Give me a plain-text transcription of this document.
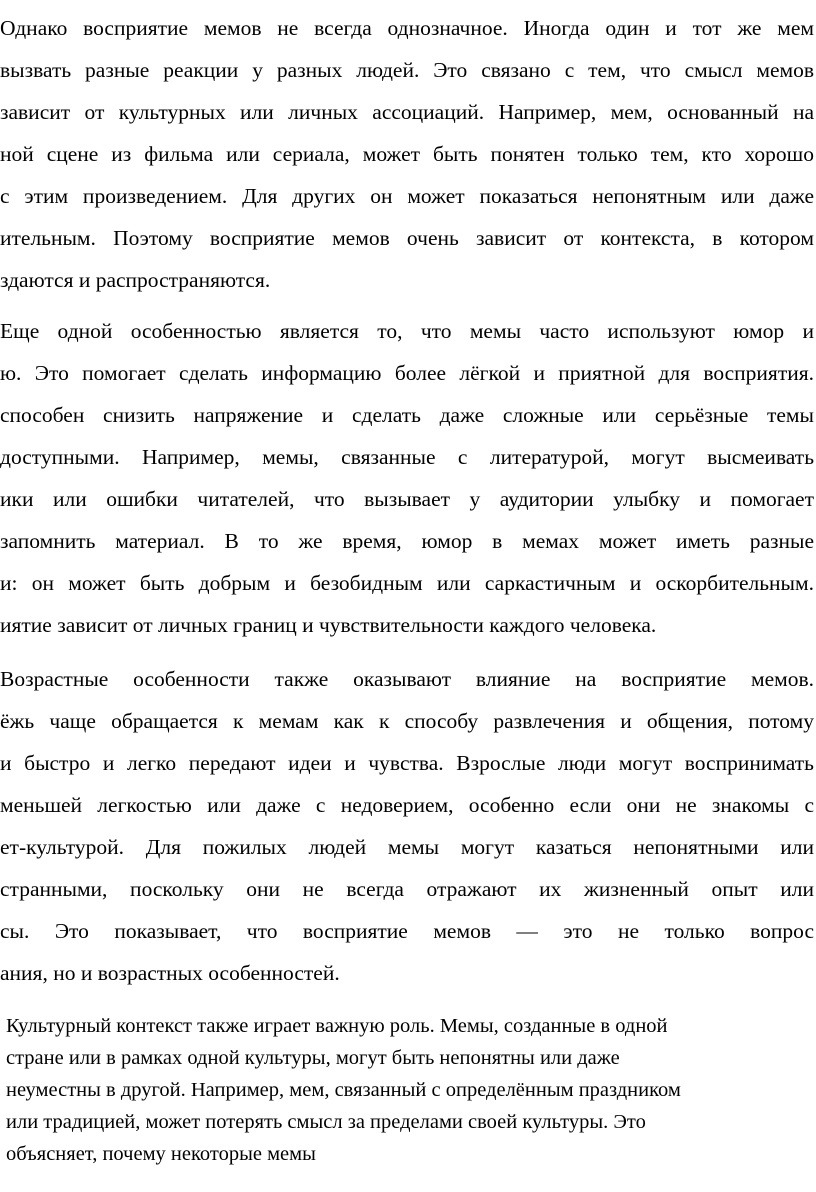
Однако восприятие мемов не всегда однозначное. Иногда один и тот же мем
вызвать разные реакции у разных людей. Это связано с тем, что смысл мемов
зависит от культурных или личных ассоциаций. Например, мем, основанный на
ной сцене из фильма или сериала, может быть понятен только тем, кто хорошо
с этим произведением. Для других он может показаться непонятным или даже
ительным. Поэтому восприятие мемов очень зависит от контекста, в котором
здаются и распространяются.
Еще одной особенностью является то, что мемы часто используют юмор и
ю. Это помогает сделать информацию более лёгкой и приятной для восприятия.
способен снизить напряжение и сделать даже сложные или серьёзные темы
доступными. Например, мемы, связанные с литературой, могут высмеивать
ики или ошибки читателей, что вызывает у аудитории улыбку и помогает
запомнить материал. В то же время, юмор в мемах может иметь разные
и: он может быть добрым и безобидным или саркастичным и оскорбительным.
иятие зависит от личных границ и чувствительности каждого человека.
Возрастные особенности также оказывают влияние на восприятие мемов.
ёжь чаще обращается к мемам как к способу развлечения и общения, потому
и быстро и легко передают идеи и чувства. Взрослые люди могут воспринимать
меньшей легкостью или даже с недоверием, особенно если они не знакомы с
ет-культурой. Для пожилых людей мемы могут казаться непонятными или
странными, поскольку они не всегда отражают их жизненный опыт или
сы. Это показывает, что восприятие мемов — это не только вопрос
ания, но и возрастных особенностей.
Культурный контекст также играет важную роль. Мемы, созданные в одной
стране или в рамках одной культуры, могут быть непонятны или даже
неуместны в другой. Например, мем, связанный с определённым праздником
или традицией, может потерять смысл за пределами своей культуры. Это
объясняет, почему некоторые мемы
